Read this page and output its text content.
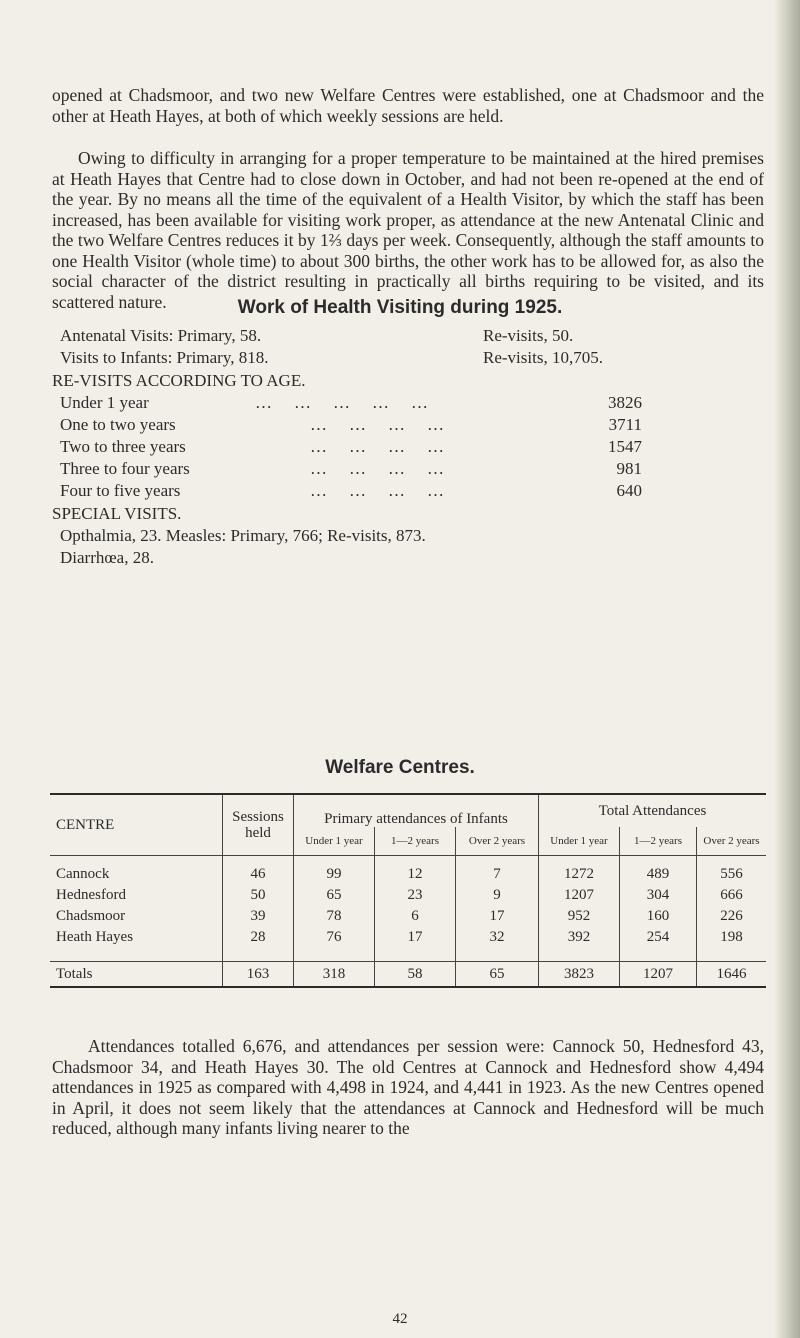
opened at Chadsmoor, and two new Welfare Centres were established, one at Chadsmoor and the other at Heath Hayes, at both of which weekly sessions are held.

Owing to difficulty in arranging for a proper temperature to be maintained at the hired premises at Heath Hayes that Centre had to close down in October, and had not been re-opened at the end of the year. By no means all the time of the equivalent of a Health Visitor, by which the staff has been increased, has been available for visiting work proper, as attendance at the new Antenatal Clinic and the two Welfare Centres reduces it by 1⅔ days per week. Consequently, although the staff amounts to one Health Visitor (whole time) to about 300 births, the other work has to be allowed for, as also the social character of the district resulting in practically all births requiring to be visited, and its scattered nature.	Work of Health Visiting during 1925.

Antenatal Visits: Primary, 58.	Re-visits, 50.

Visits to Infants: Primary, 818.	Re-visits, 10,705.

RE-VISITS ACCORDING TO AGE.

Under 1 year	…    …    …    …    …	3826

One to two years	…    …    …    …	3711

Two to three years	…    …    …    …	1547

Three to four years	…    …    …    …	981

Four to five years	…    …    …    …	640

SPECIAL VISITS.

Opthalmia, 23. Measles: Primary, 766; Re-visits, 873.

Diarrhœa, 28.

Welfare Centres.
CENTRE	Sessions held	Primary attendances of Infants			Total Attendances		
		Under 1 year	1—2 years	Over 2 years	Under 1 year	1—2 years	Over 2 years

Cannock	46	99	12	7	1272	489	556
Hednesford	50	65	23	9	1207	304	666
Chadsmoor	39	78	6	17	952	160	226
Heath Hayes	28	76	17	32	392	254	198

Totals	163	318	58	65	3823	1207	1646

Attendances totalled 6,676, and attendances per session were: Cannock 50, Hednesford 43, Chadsmoor 34, and Heath Hayes 30. The old Centres at Cannock and Hednesford show 4,494 attendances in 1925 as compared with 4,498 in 1924, and 4,441 in 1923. As the new Centres opened in April, it does not seem likely that the attendances at Cannock and Hednesford will be much reduced, although many infants living nearer to the

42
